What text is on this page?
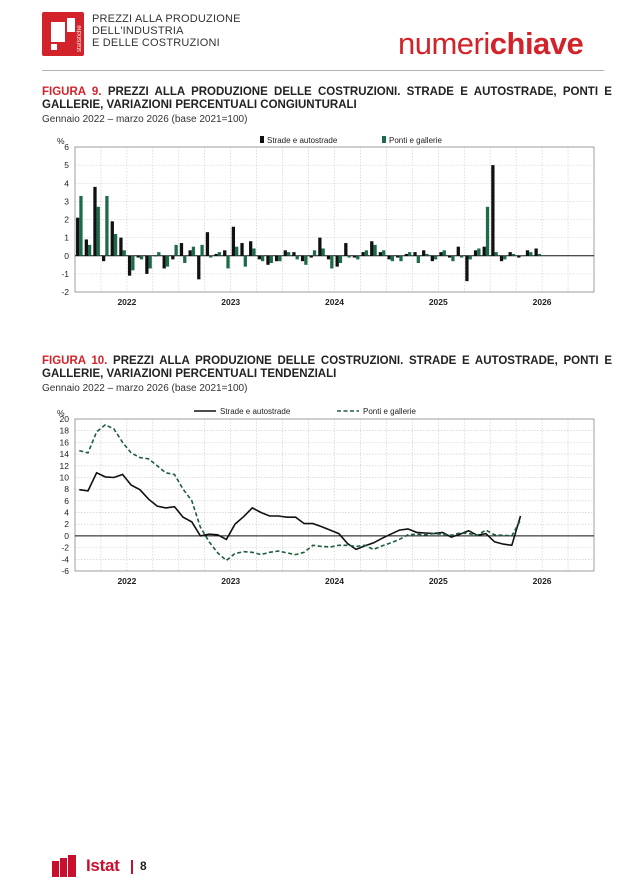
statistiche
PREZZI ALLA PRODUZIONE
DELL'INDUSTRIA
E DELLE COSTRUZIONI	numerichiave
FIGURA 9. PREZZI ALLA PRODUZIONE DELLE COSTRUZIONI. STRADE E AUTOSTRADE, PONTI E GALLERIE, VARIAZIONI PERCENTUALI CONGIUNTURALI
Gennaio 2022 – marzo 2026 (base 2021=100)
-2
-1
0
1
2
3
4
5
6
%
2022	2023	2024	2025	2026
Strade e autostrade	Ponti e gallerie
FIGURA 10. PREZZI ALLA PRODUZIONE DELLE COSTRUZIONI. STRADE E AUTOSTRADE, PONTI E GALLERIE, VARIAZIONI PERCENTUALI TENDENZIALI
Gennaio 2022 – marzo 2026 (base 2021=100)
-6
-4
-2
0
2
4
6
8
10
12
14
16
18
20
%
2022	2023	2024	2025	2026
Strade e autostrade	Ponti e gallerie
Istat 8
